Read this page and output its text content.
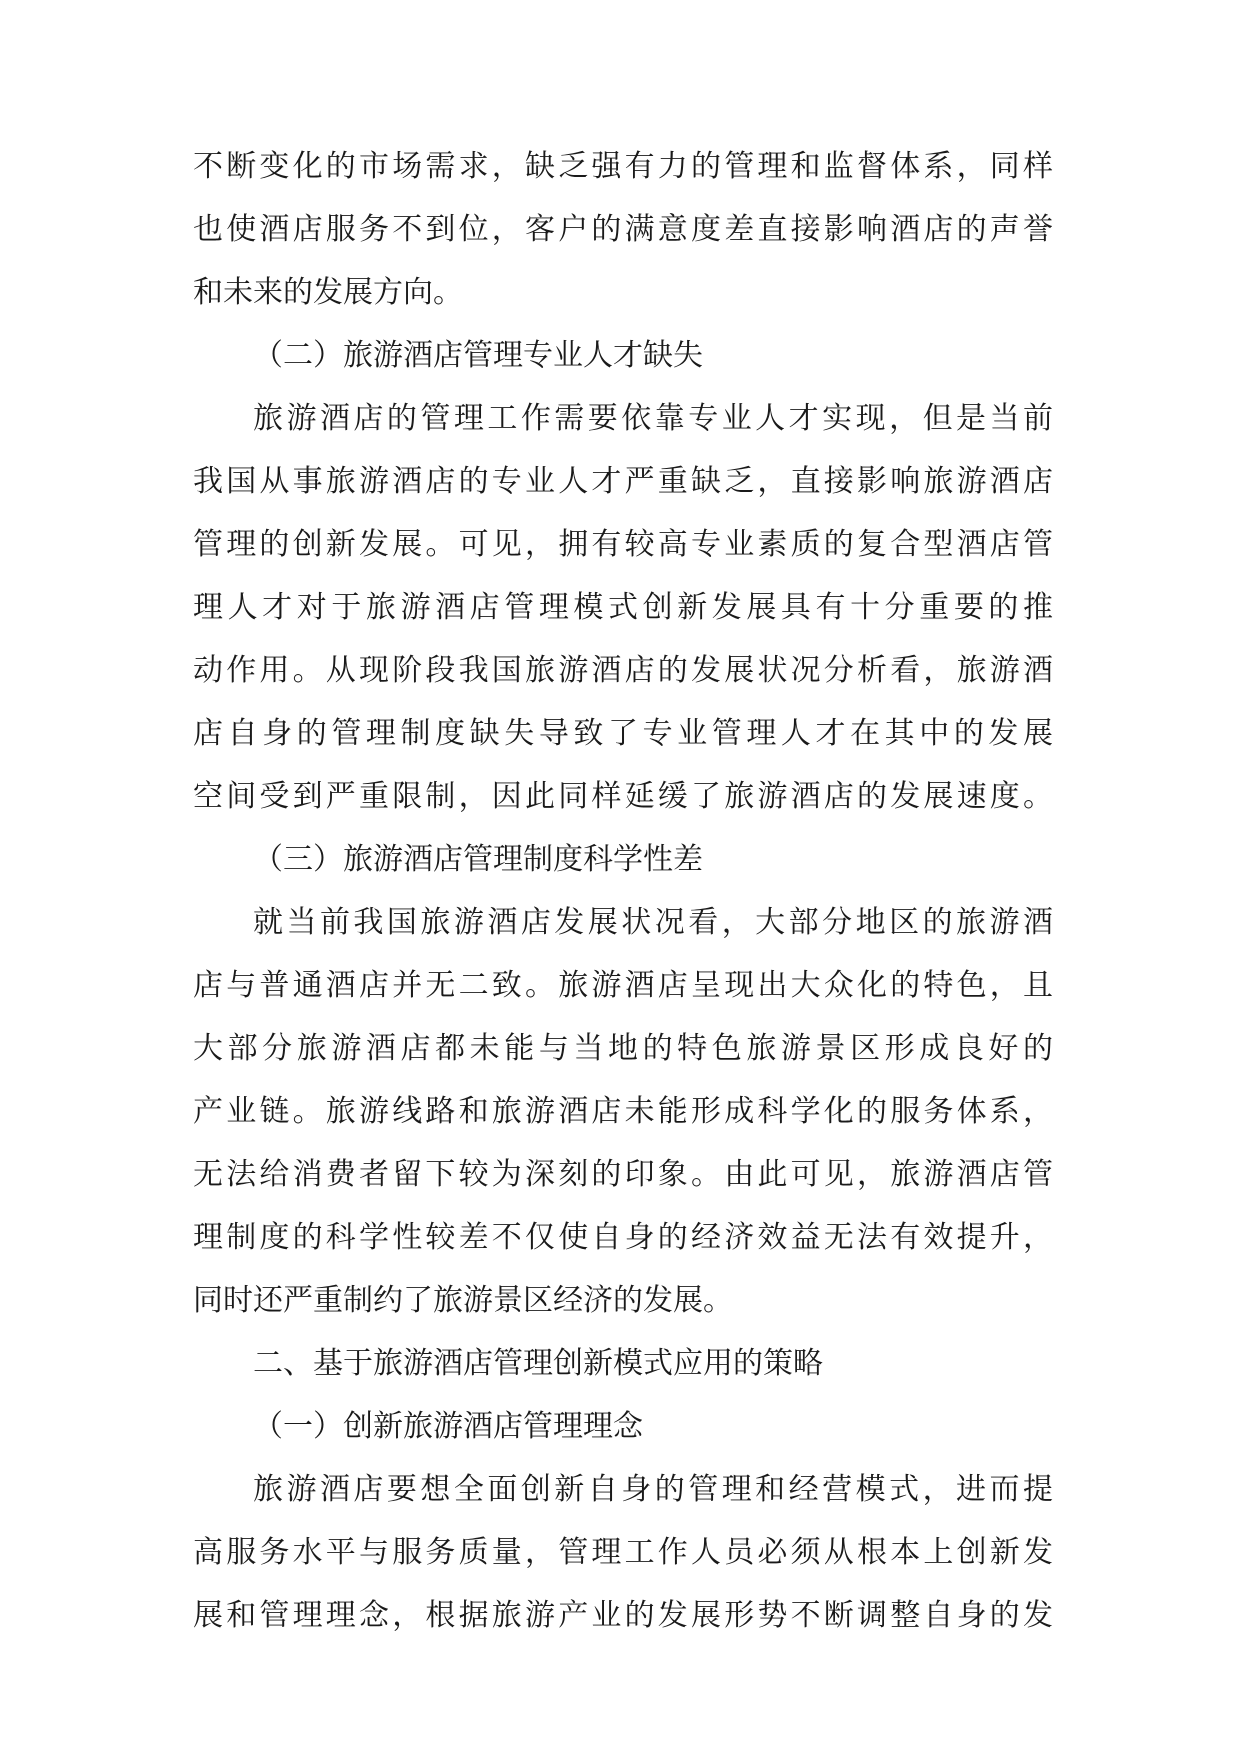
不断变化的市场需求，缺乏强有力的管理和监督体系，同样
也使酒店服务不到位，客户的满意度差直接影响酒店的声誉
和未来的发展方向。
（二）旅游酒店管理专业人才缺失
旅游酒店的管理工作需要依靠专业人才实现，但是当前
我国从事旅游酒店的专业人才严重缺乏，直接影响旅游酒店
管理的创新发展。可见，拥有较高专业素质的复合型酒店管
理人才对于旅游酒店管理模式创新发展具有十分重要的推
动作用。从现阶段我国旅游酒店的发展状况分析看，旅游酒
店自身的管理制度缺失导致了专业管理人才在其中的发展
空间受到严重限制，因此同样延缓了旅游酒店的发展速度。
（三）旅游酒店管理制度科学性差
就当前我国旅游酒店发展状况看，大部分地区的旅游酒
店与普通酒店并无二致。旅游酒店呈现出大众化的特色，且
大部分旅游酒店都未能与当地的特色旅游景区形成良好的
产业链。旅游线路和旅游酒店未能形成科学化的服务体系，
无法给消费者留下较为深刻的印象。由此可见，旅游酒店管
理制度的科学性较差不仅使自身的经济效益无法有效提升，
同时还严重制约了旅游景区经济的发展。
二、基于旅游酒店管理创新模式应用的策略
（一）创新旅游酒店管理理念
旅游酒店要想全面创新自身的管理和经营模式，进而提
高服务水平与服务质量，管理工作人员必须从根本上创新发
展和管理理念，根据旅游产业的发展形势不断调整自身的发
